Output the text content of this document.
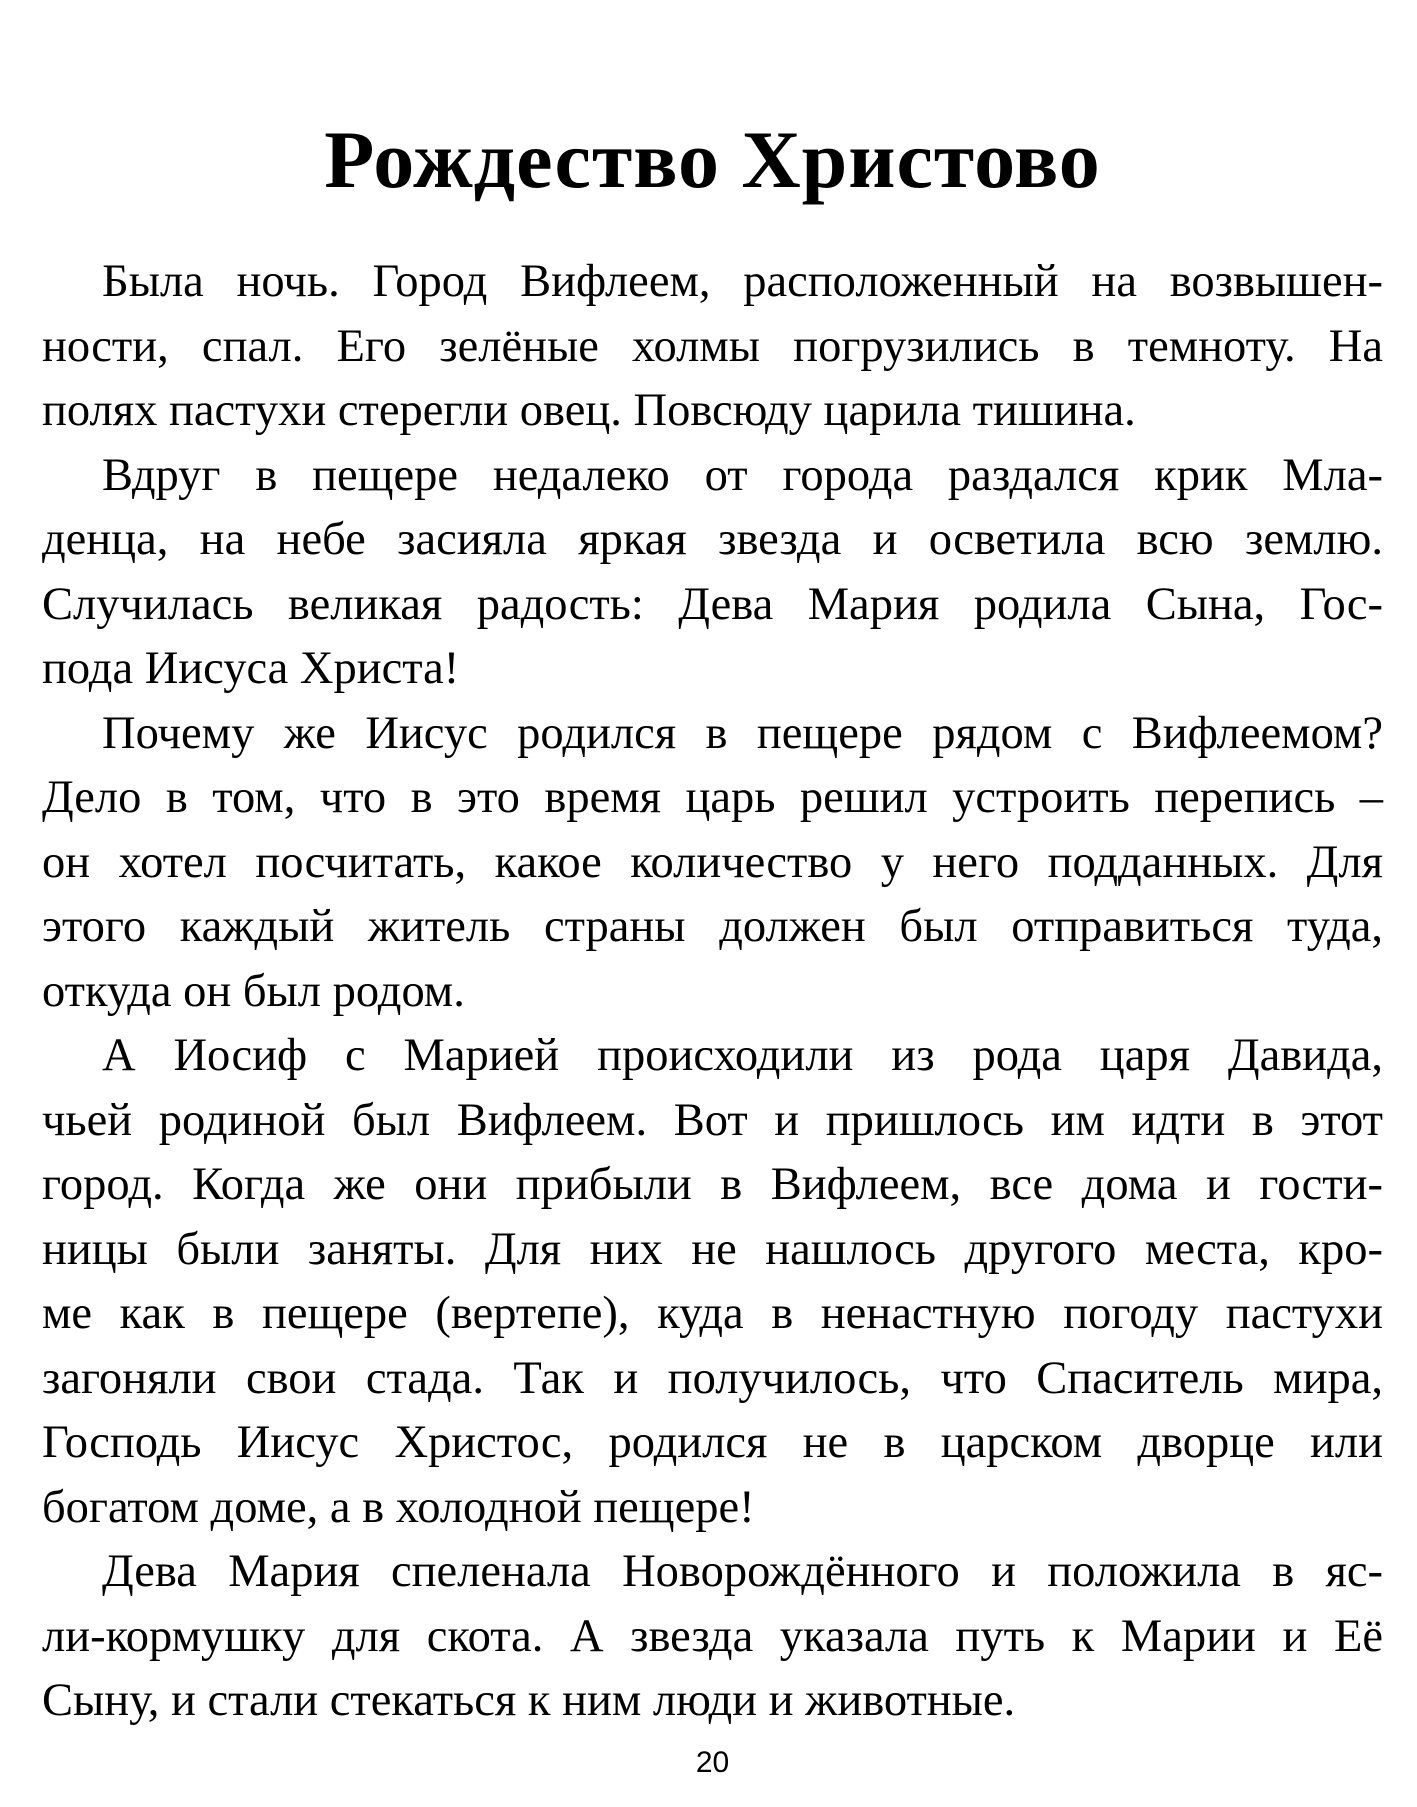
Рождество Христово

Была ночь. Город Вифлеем, расположенный на возвышен-
ности, спал. Его зелёные холмы погрузились в темноту. На
полях пастухи стерегли овец. Повсюду царила тишина.

Вдруг в пещере недалеко от города раздался крик Мла-
денца, на небе засияла яркая звезда и осветила всю землю.
Случилась великая радость: Дева Мария родила Сына, Гос-
пода Иисуса Христа!

Почему же Иисус родился в пещере рядом с Вифлеемом?
Дело в том, что в это время царь решил устроить перепись –
он хотел посчитать, какое количество у него подданных. Для
этого каждый житель страны должен был отправиться туда,
откуда он был родом.

А Иосиф с Марией происходили из рода царя Давида,
чьей родиной был Вифлеем. Вот и пришлось им идти в этот
город. Когда же они прибыли в Вифлеем, все дома и гости-
ницы были заняты. Для них не нашлось другого места, кро-
ме как в пещере (вертепе), куда в ненастную погоду пастухи
загоняли свои стада. Так и получилось, что Спаситель мира,
Господь Иисус Христос, родился не в царском дворце или
богатом доме, а в холодной пещере!

Дева Мария спеленала Новорождённого и положила в яс-
ли-кормушку для скота. А звезда указала путь к Марии и Её
Сыну, и стали стекаться к ним люди и животные.

20
